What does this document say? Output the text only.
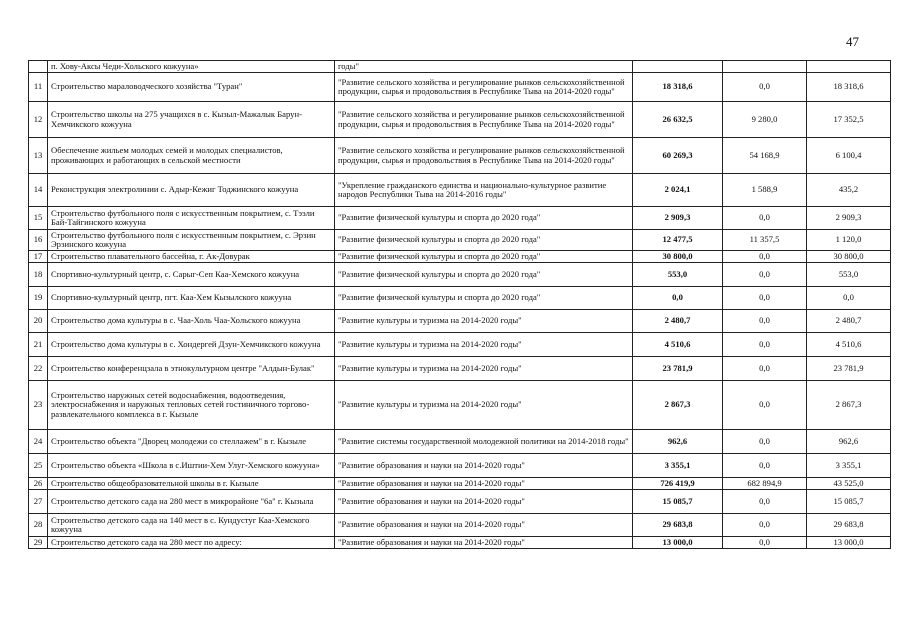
47
	п. Хову-Аксы Чеди-Хольского кожууна»	годы"			
11	Строительство мараловодческого хозяйства "Туран"	"Развитие сельского хозяйства и регулирование рынков сельскохозяйственной продукции, сырья и продовольствия в Республике Тыва на 2014-2020 годы"	18 318,6	0,0	18 318,6
12	Строительство школы на 275 учащихся в с. Кызыл-Мажалык Барун-Хемчикского кожууна	"Развитие сельского хозяйства и регулирование рынков сельскохозяйственной продукции, сырья и продовольствия в Республике Тыва на 2014-2020 годы"	26 632,5	9 280,0	17 352,5
13	Обеспечение жильем молодых семей и молодых специалистов, проживающих и работающих в сельской местности	"Развитие сельского хозяйства и регулирование рынков сельскохозяйственной продукции, сырья и продовольствия в Республике Тыва на 2014-2020 годы"	60 269,3	54 168,9	6 100,4
14	Реконструкция электролинии с. Адыр-Кежиг Тоджинского кожууна	"Укрепление гражданского единства и национально-культурное развитие народов Республики Тыва на 2014-2016 годы"	2 024,1	1 588,9	435,2
15	Строительство футбольного поля с искусственным покрытием, с. Тээли Бай-Тайгинского кожууна	"Развитие физической культуры и спорта до 2020 года"	2 909,3	0,0	2 909,3
16	Строительство футбольного поля с искусственным покрытием, с. Эрзин Эрзинского кожууна	"Развитие физической культуры и спорта до 2020 года"	12 477,5	11 357,5	1 120,0
17	Строительство плавательного бассейна, г. Ак-Довурак	"Развитие физической культуры и спорта до 2020 года"	30 800,0	0,0	30 800,0
18	Спортивно-культурный центр, с. Сарыг-Сеп Каа-Хемского кожууна	"Развитие физической культуры и спорта до 2020 года"	553,0	0,0	553,0
19	Спортивно-культурный центр, пгт. Каа-Хем Кызылского кожууна	"Развитие физической культуры и спорта до 2020 года"	0,0	0,0	0,0
20	Строительство дома культуры в с. Чаа-Холь Чаа-Хольского кожууна	"Развитие культуры и туризма на 2014-2020 годы"	2 480,7	0,0	2 480,7
21	Строительство дома культуры в с. Хондергей Дзун-Хемчикского кожууна	"Развитие культуры и туризма на 2014-2020 годы"	4 510,6	0,0	4 510,6
22	Строительство конференцзала в этнокультурном центре "Алдын-Булак"	"Развитие культуры и туризма на 2014-2020 годы"	23 781,9	0,0	23 781,9
23	Строительство наружных сетей водоснабжения, водоотведения, электроснабжения и наружных тепловых сетей гостиничного торгово-развлекательного комплекса в г. Кызыле	"Развитие культуры и туризма на 2014-2020 годы"	2 867,3	0,0	2 867,3
24	Строительство объекта "Дворец молодежи со стеллажем" в г. Кызыле	"Развитие системы государственной молодежной политики на 2014-2018 годы"	962,6	0,0	962,6
25	Строительство объекта «Школа в с.Иштии-Хем Улуг-Хемского кожууна»	"Развитие образования и науки на 2014-2020 годы"	3 355,1	0,0	3 355,1
26	Строительство общеобразовательной школы в г. Кызыле	"Развитие образования и науки на 2014-2020 годы"	726 419,9	682 894,9	43 525,0
27	Строительство детского сада на 280 мест в микрорайоне "6а" г. Кызыла	"Развитие образования и науки на 2014-2020 годы"	15 085,7	0,0	15 085,7
28	Строительство детского сада на 140 мест в с. Кундустуг Каа-Хемского кожууна	"Развитие образования и науки на 2014-2020 годы"	29 683,8	0,0	29 683,8
29	Строительство детского сада на 280 мест по адресу:	"Развитие образования и науки на 2014-2020 годы"	13 000,0	0,0	13 000,0
